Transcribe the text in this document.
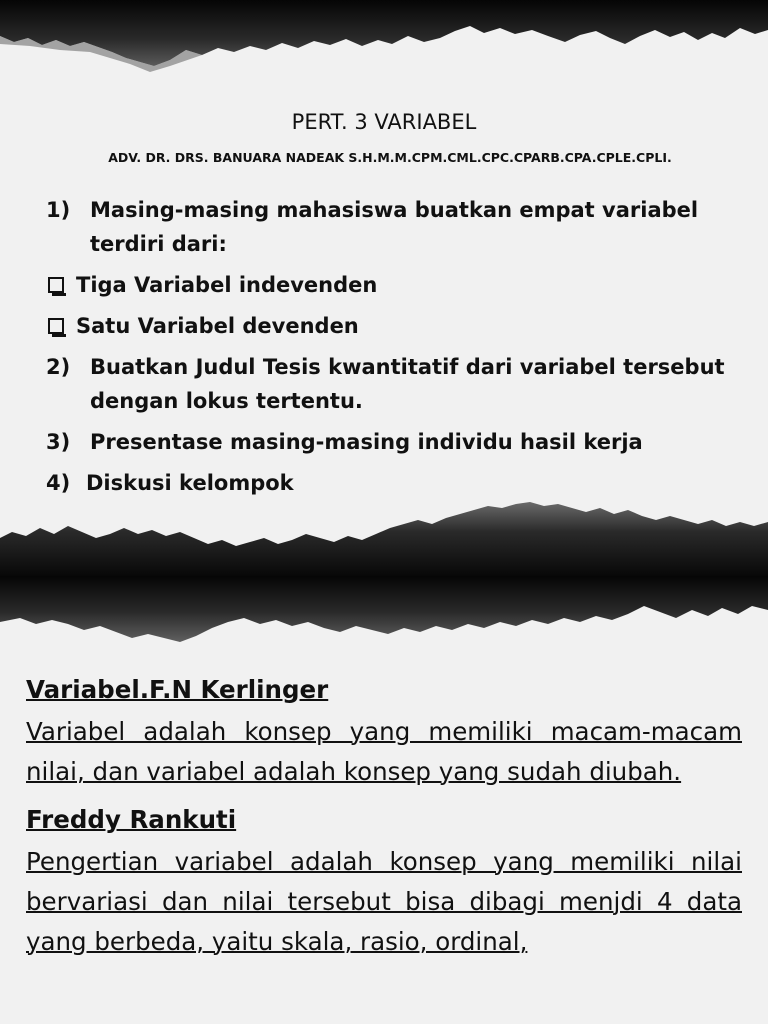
PERT. 3 VARIABEL
ADV. DR. DRS. BANUARA NADEAK S.H.M.M.CPM.CML.CPC.CPARB.CPA.CPLE.CPLI.
1) Masing-masing mahasiswa buatkan empat variabel terdiri dari:
Tiga Variabel indevenden
Satu Variabel devenden
2) Buatkan Judul Tesis kwantitatif dari variabel tersebut dengan lokus tertentu.
3) Presentase masing-masing individu hasil kerja
4) Diskusi kelompok
Variabel.F.N Kerlinger
Variabel adalah konsep yang memiliki macam-macam nilai, dan variabel adalah konsep yang sudah diubah.
Freddy Rankuti
Pengertian variabel adalah konsep yang memiliki nilai bervariasi dan nilai tersebut bisa dibagi menjdi 4 data yang berbeda, yaitu skala, rasio, ordinal,
